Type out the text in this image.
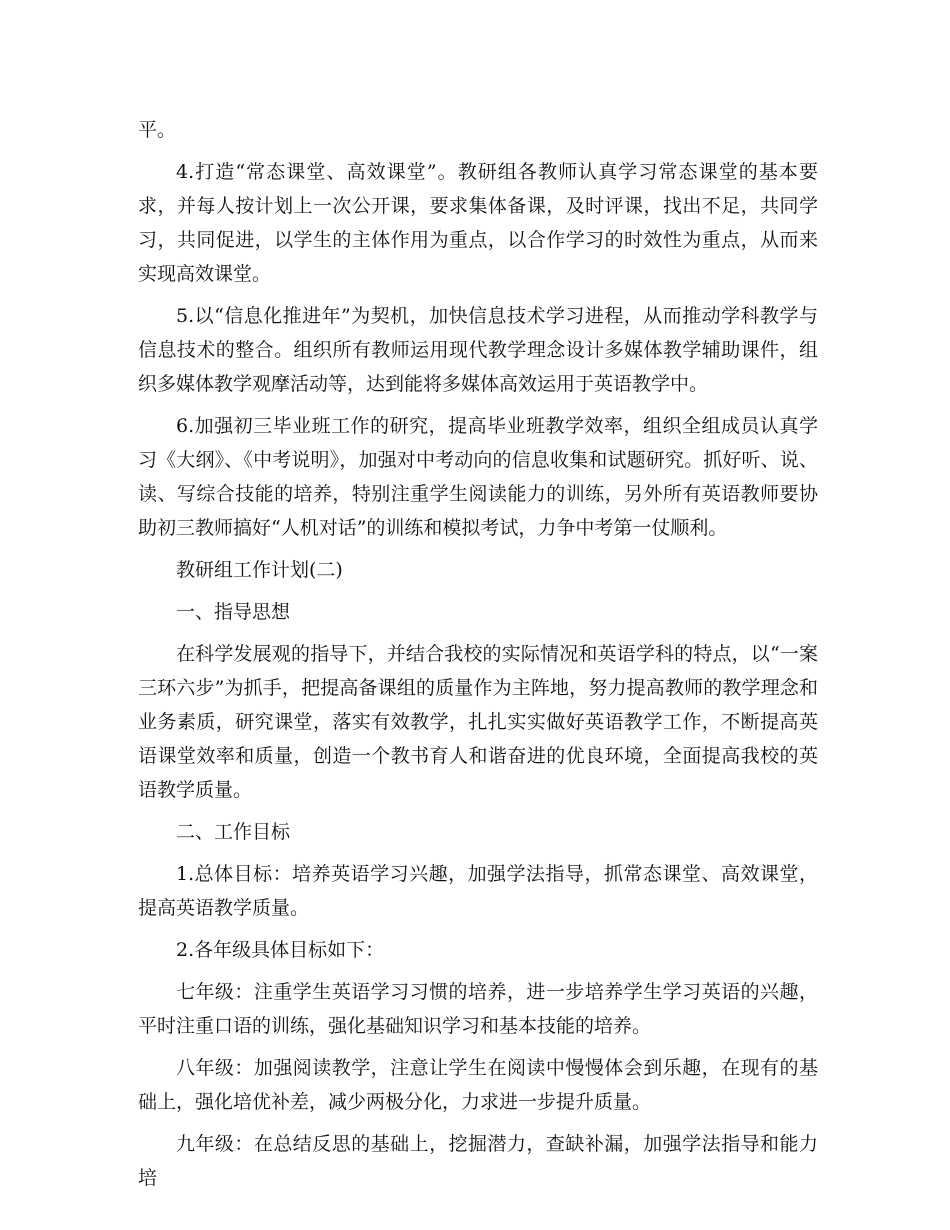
平。

4.打造“常态课堂、高效课堂”。教研组各教师认真学习常态课堂的基本要求，并每人按计划上一次公开课，要求集体备课，及时评课，找出不足，共同学习，共同促进，以学生的主体作用为重点，以合作学习的时效性为重点，从而来实现高效课堂。

5.以“信息化推进年”为契机，加快信息技术学习进程，从而推动学科教学与信息技术的整合。组织所有教师运用现代教学理念设计多媒体教学辅助课件，组织多媒体教学观摩活动等，达到能将多媒体高效运用于英语教学中。

6.加强初三毕业班工作的研究，提高毕业班教学效率，组织全组成员认真学习《大纲》、《中考说明》，加强对中考动向的信息收集和试题研究。抓好听、说、读、写综合技能的培养，特别注重学生阅读能力的训练，另外所有英语教师要协助初三教师搞好“人机对话”的训练和模拟考试，力争中考第一仗顺利。

教研组工作计划(二)

一、指导思想

在科学发展观的指导下，并结合我校的实际情况和英语学科的特点，以“一案三环六步”为抓手，把提高备课组的质量作为主阵地，努力提高教师的教学理念和业务素质，研究课堂，落实有效教学，扎扎实实做好英语教学工作，不断提高英语课堂效率和质量，创造一个教书育人和谐奋进的优良环境，全面提高我校的英语教学质量。

二、工作目标

1.总体目标：培养英语学习兴趣，加强学法指导，抓常态课堂、高效课堂，提高英语教学质量。

2.各年级具体目标如下：

七年级：注重学生英语学习习惯的培养，进一步培养学生学习英语的兴趣，平时注重口语的训练，强化基础知识学习和基本技能的培养。

八年级：加强阅读教学，注意让学生在阅读中慢慢体会到乐趣，在现有的基础上，强化培优补差，减少两极分化，力求进一步提升质量。

九年级：在总结反思的基础上，挖掘潜力，查缺补漏，加强学法指导和能力培
